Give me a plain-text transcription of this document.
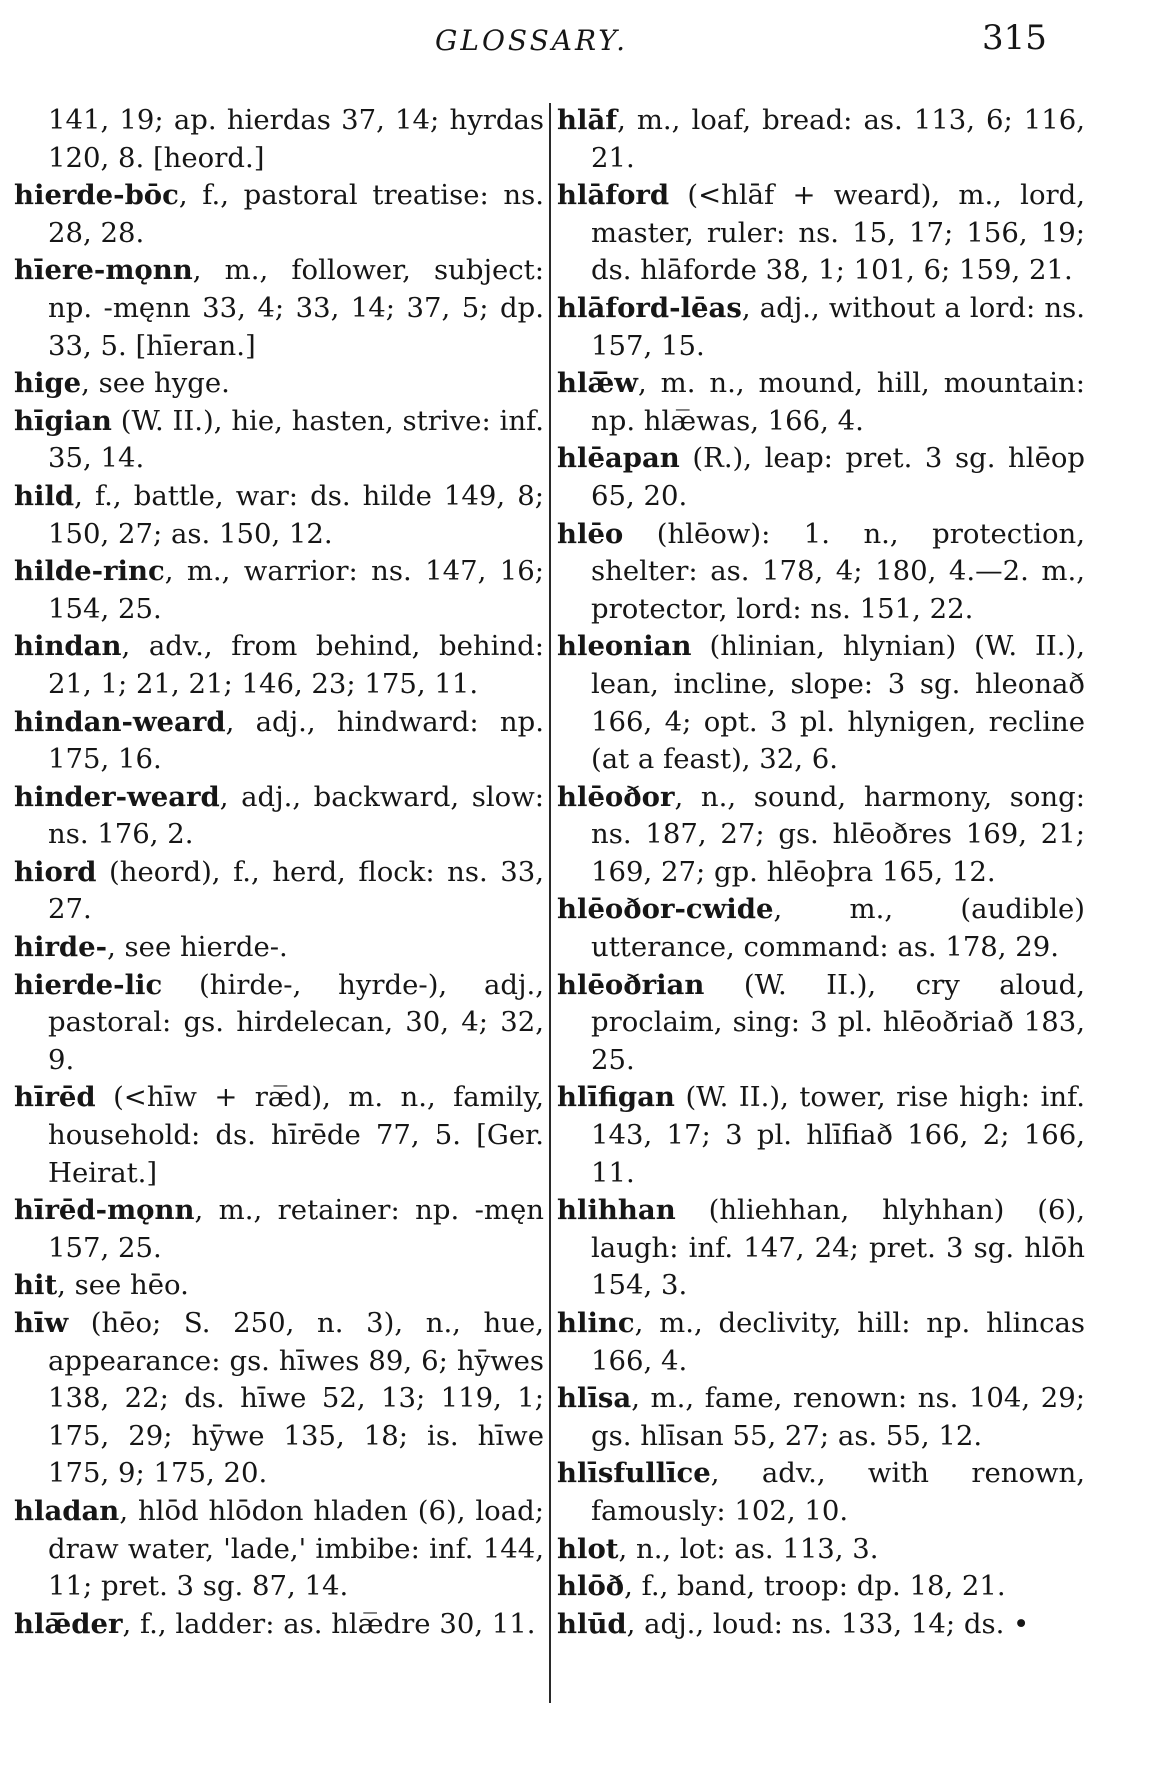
GLOSSARY.	315

141, 19; ap. hierdas 37, 14; hyrdas 120, 8. [heord.]

hierde-bōc, f., pastoral treatise: ns. 28, 28.

hīere-mǫnn, m., follower, subject: np. -męnn 33, 4; 33, 14; 37, 5; dp. 33, 5. [hīeran.]

hige, see hyge.

hīgian (W. II.), hie, hasten, strive: inf. 35, 14.

hild, f., battle, war: ds. hilde 149, 8; 150, 27; as. 150, 12.

hilde-rinc, m., warrior: ns. 147, 16; 154, 25.

hindan, adv., from behind, behind: 21, 1; 21, 21; 146, 23; 175, 11.

hindan-weard, adj., hindward: np. 175, 16.

hinder-weard, adj., backward, slow: ns. 176, 2.

hiord (heord), f., herd, flock: ns. 33, 27.

hirde-, see hierde-.

hierde-lic (hirde-, hyrde-), adj., pastoral: gs. hirdelecan, 30, 4; 32, 9.

hīrēd (<hīw + ræ̅d), m. n., family, household: ds. hīrēde 77, 5. [Ger. Heirat.]

hīrēd-mǫnn, m., retainer: np. -męn 157, 25.

hit, see hēo.

hīw (hēo; S. 250, n. 3), n., hue, appearance: gs. hīwes 89, 6; hȳwes 138, 22; ds. hīwe 52, 13; 119, 1; 175, 29; hȳwe 135, 18; is. hīwe 175, 9; 175, 20.

hladan, hlōd hlōdon hladen (6), load; draw water, 'lade,' imbibe: inf. 144, 11; pret. 3 sg. 87, 14.

hlæ̅der, f., ladder: as. hlæ̅dre 30, 11.

hlāf, m., loaf, bread: as. 113, 6; 116, 21.

hlāford (<hlāf + weard), m., lord, master, ruler: ns. 15, 17; 156, 19; ds. hlāforde 38, 1; 101, 6; 159, 21.

hlāford-lēas, adj., without a lord: ns. 157, 15.

hlæ̅w, m. n., mound, hill, mountain: np. hlæ̅was, 166, 4.

hlēapan (R.), leap: pret. 3 sg. hlēop 65, 20.

hlēo (hlēow): 1. n., protection, shelter: as. 178, 4; 180, 4.—2. m., protector, lord: ns. 151, 22.

hleonian (hlinian, hlynian) (W. II.), lean, incline, slope: 3 sg. hleonað 166, 4; opt. 3 pl. hlynigen, recline (at a feast), 32, 6.

hlēoðor, n., sound, harmony, song: ns. 187, 27; gs. hlēoðres 169, 21; 169, 27; gp. hlēoþra 165, 12.

hlēoðor-cwide, m., (audible) utterance, command: as. 178, 29.

hlēoðrian (W. II.), cry aloud, proclaim, sing: 3 pl. hlēoðriað 183, 25.

hlīfigan (W. II.), tower, rise high: inf. 143, 17; 3 pl. hlīfiað 166, 2; 166, 11.

hlihhan (hliehhan, hlyhhan) (6), laugh: inf. 147, 24; pret. 3 sg. hlōh 154, 3.

hlinc, m., declivity, hill: np. hlincas 166, 4.

hlīsa, m., fame, renown: ns. 104, 29; gs. hlīsan 55, 27; as. 55, 12.

hlīsfullīce, adv., with renown, famously: 102, 10.

hlot, n., lot: as. 113, 3.

hlōð, f., band, troop: dp. 18, 21.

hlūd, adj., loud: ns. 133, 14; ds. •
